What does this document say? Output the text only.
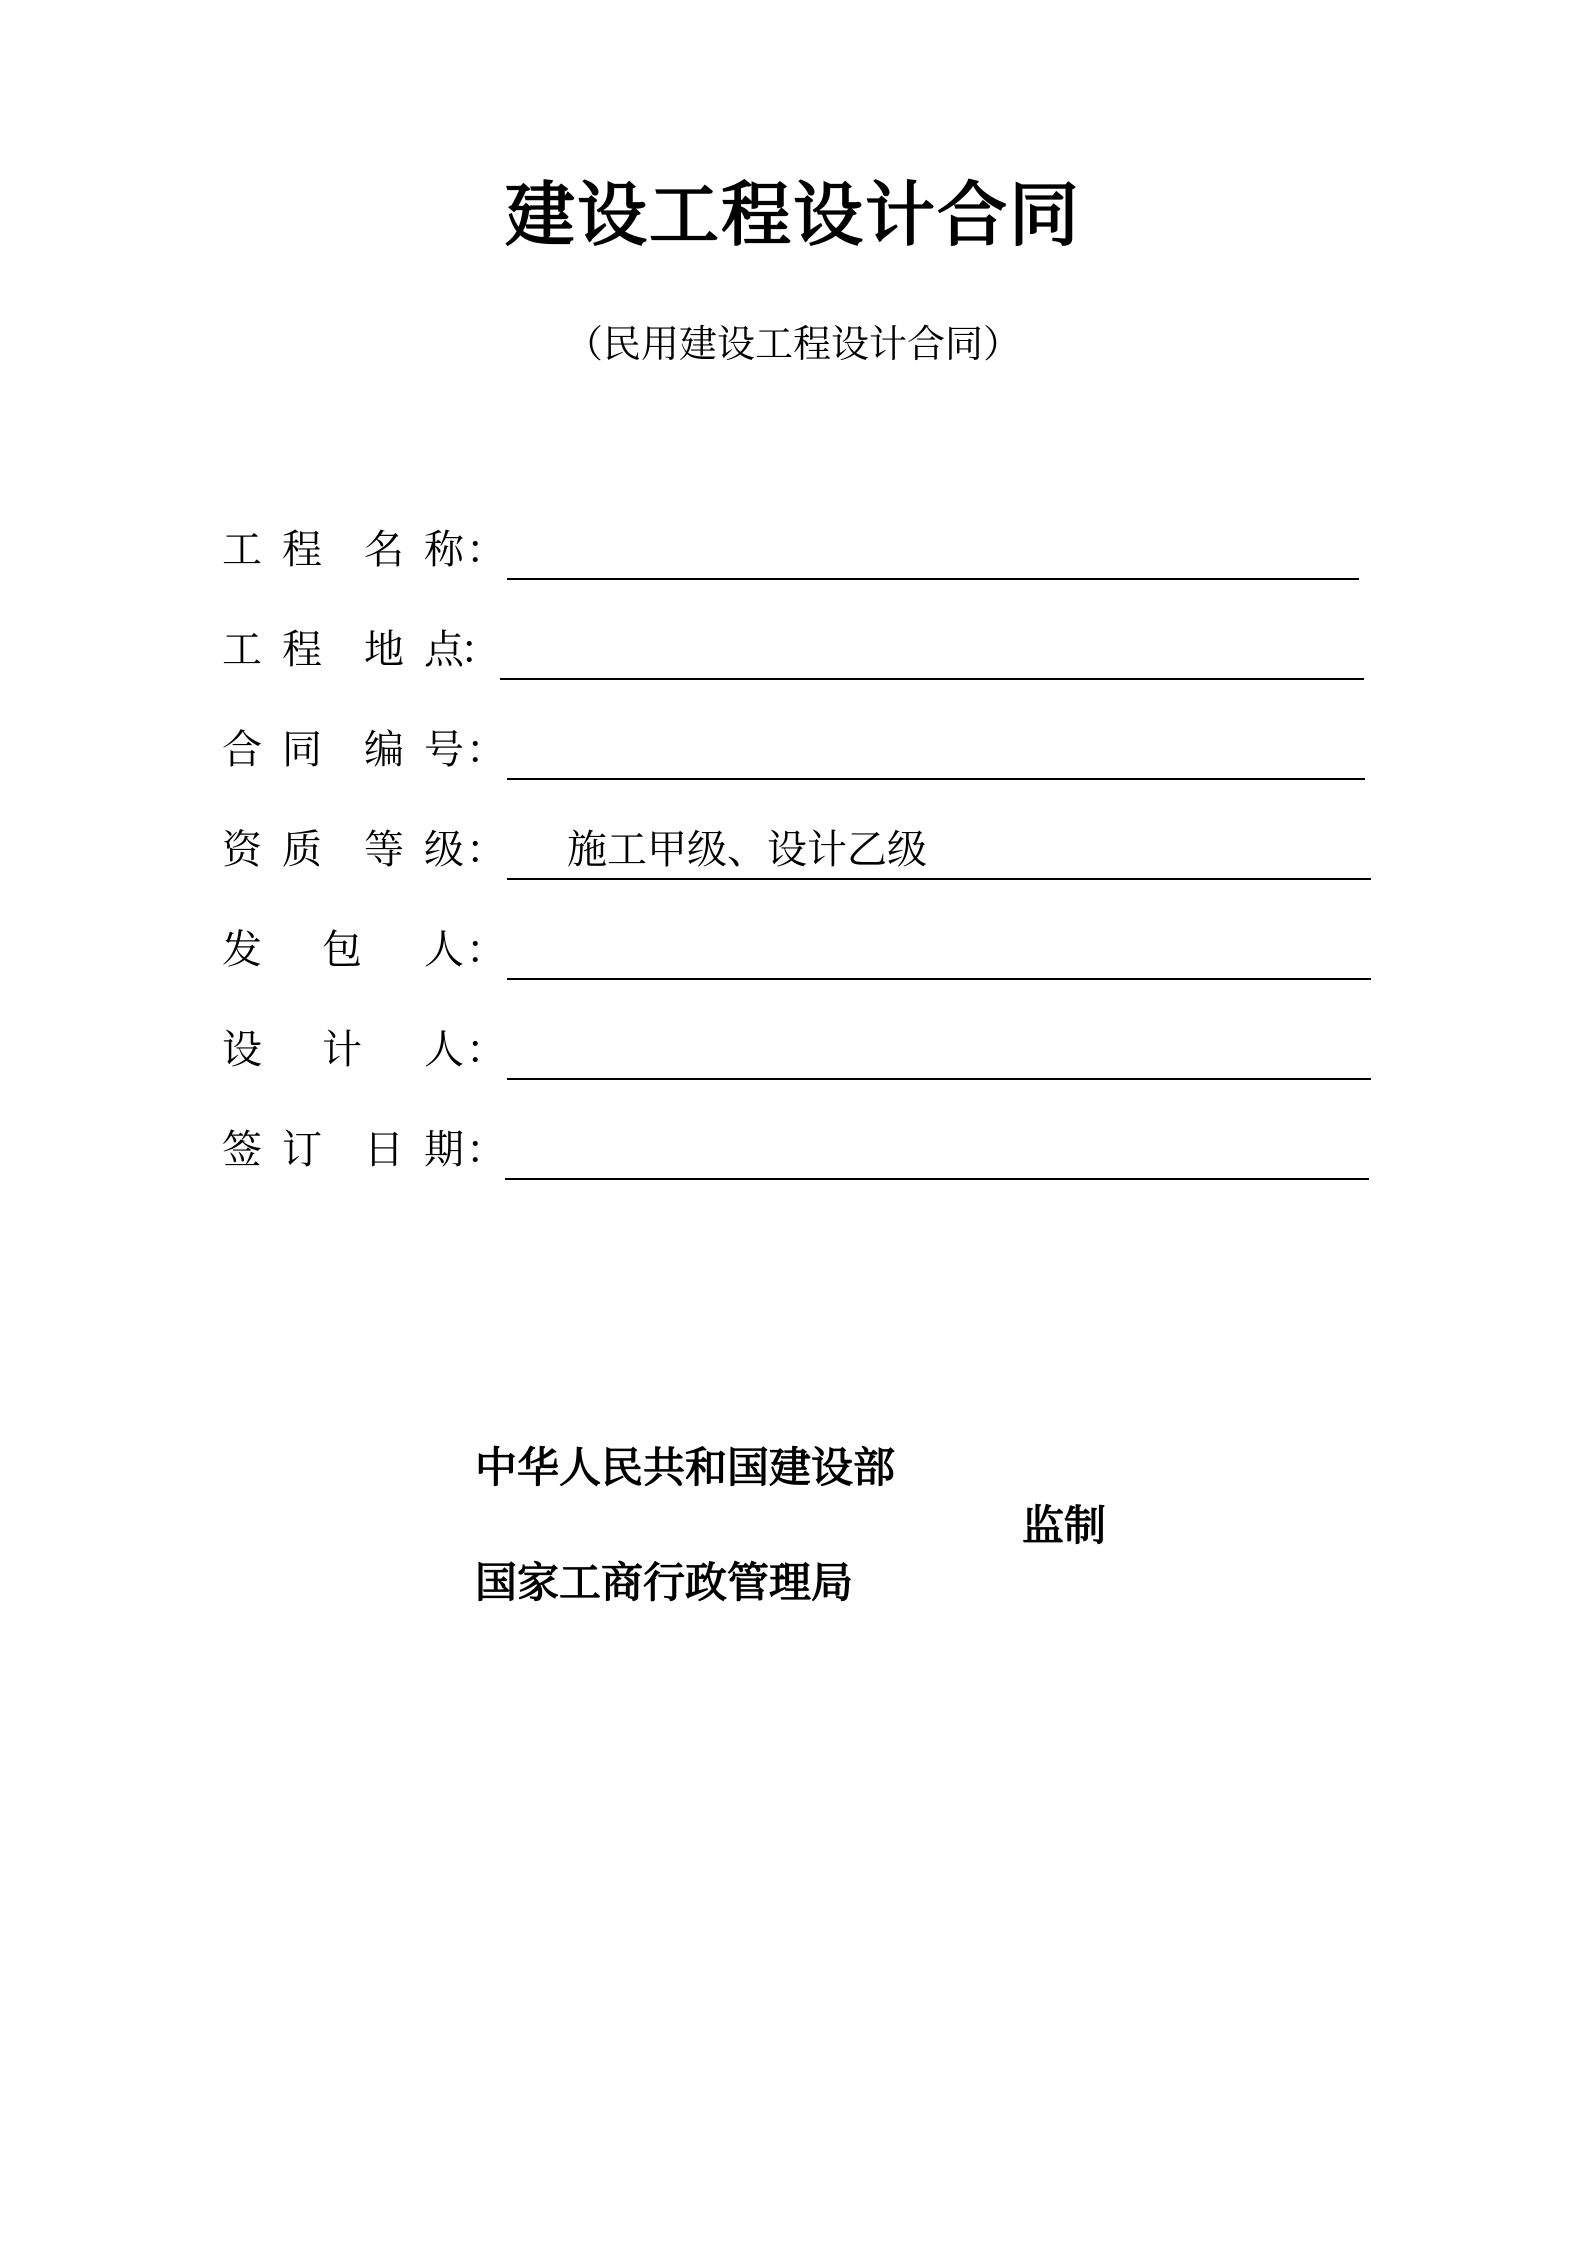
建设工程设计合同
（民用建设工程设计合同）
工 程 名 称 ：
工 程 地 点
：
合 同 编 号 ：
资 质 等 级 ： 施工甲级、设计乙级
发 包 人 ：
设 计 人 ：
签 订 日 期 ：
中华人民共和国建设部
监制
国家工商行政管理局
